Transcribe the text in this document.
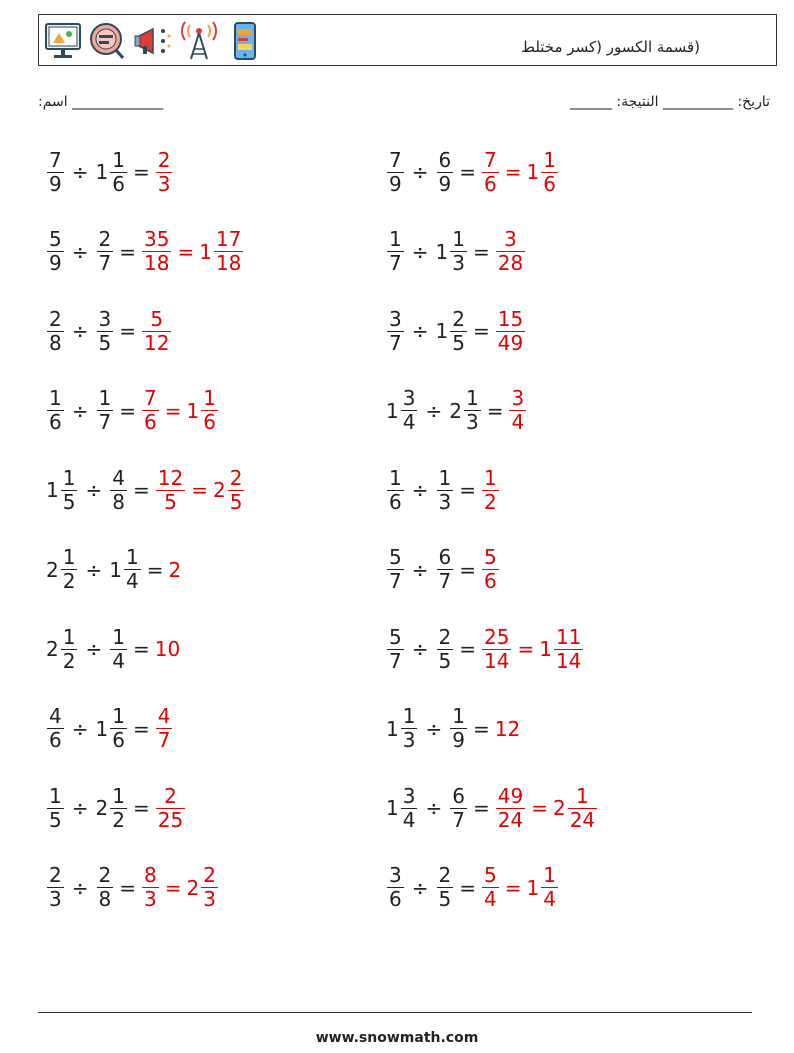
(قسمة الكسور (كسر مختلط
:اسم _____________	______ :تاريخ: __________ النتيجة
$\frac{7}{9} \div 1 \frac{1}{6} = \frac{2}{3}$	$\frac{7}{9} \div \frac{6}{9} = \frac{7}{6} = 1 \frac{1}{6}$
$\frac{5}{9} \div \frac{2}{7} = \frac{35}{18} = 1 \frac{17}{18}$	$\frac{1}{7} \div 1 \frac{1}{3} = \frac{3}{28}$
$\frac{2}{8} \div \frac{3}{5} = \frac{5}{12}$	$\frac{3}{7} \div 1 \frac{2}{5} = \frac{15}{49}$
$\frac{1}{6} \div \frac{1}{7} = \frac{7}{6} = 1 \frac{1}{6}$	$1 \frac{3}{4} \div 2 \frac{1}{3} = \frac{3}{4}$
$1 \frac{1}{5} \div \frac{4}{8} = \frac{12}{5} = 2 \frac{2}{5}$	$\frac{1}{6} \div \frac{1}{3} = \frac{1}{2}$
$2 \frac{1}{2} \div 1 \frac{1}{4} = 2$	$\frac{5}{7} \div \frac{6}{7} = \frac{5}{6}$
$2 \frac{1}{2} \div \frac{1}{4} = 10$	$\frac{5}{7} \div \frac{2}{5} = \frac{25}{14} = 1 \frac{11}{14}$
$\frac{4}{6} \div 1 \frac{1}{6} = \frac{4}{7}$	$1 \frac{1}{3} \div \frac{1}{9} = 12$
$\frac{1}{5} \div 2 \frac{1}{2} = \frac{2}{25}$	$1 \frac{3}{4} \div \frac{6}{7} = \frac{49}{24} = 2 \frac{1}{24}$
$\frac{2}{3} \div \frac{2}{8} = \frac{8}{3} = 2 \frac{2}{3}$	$\frac{3}{6} \div \frac{2}{5} = \frac{5}{4} = 1 \frac{1}{4}$
www.snowmath.com
